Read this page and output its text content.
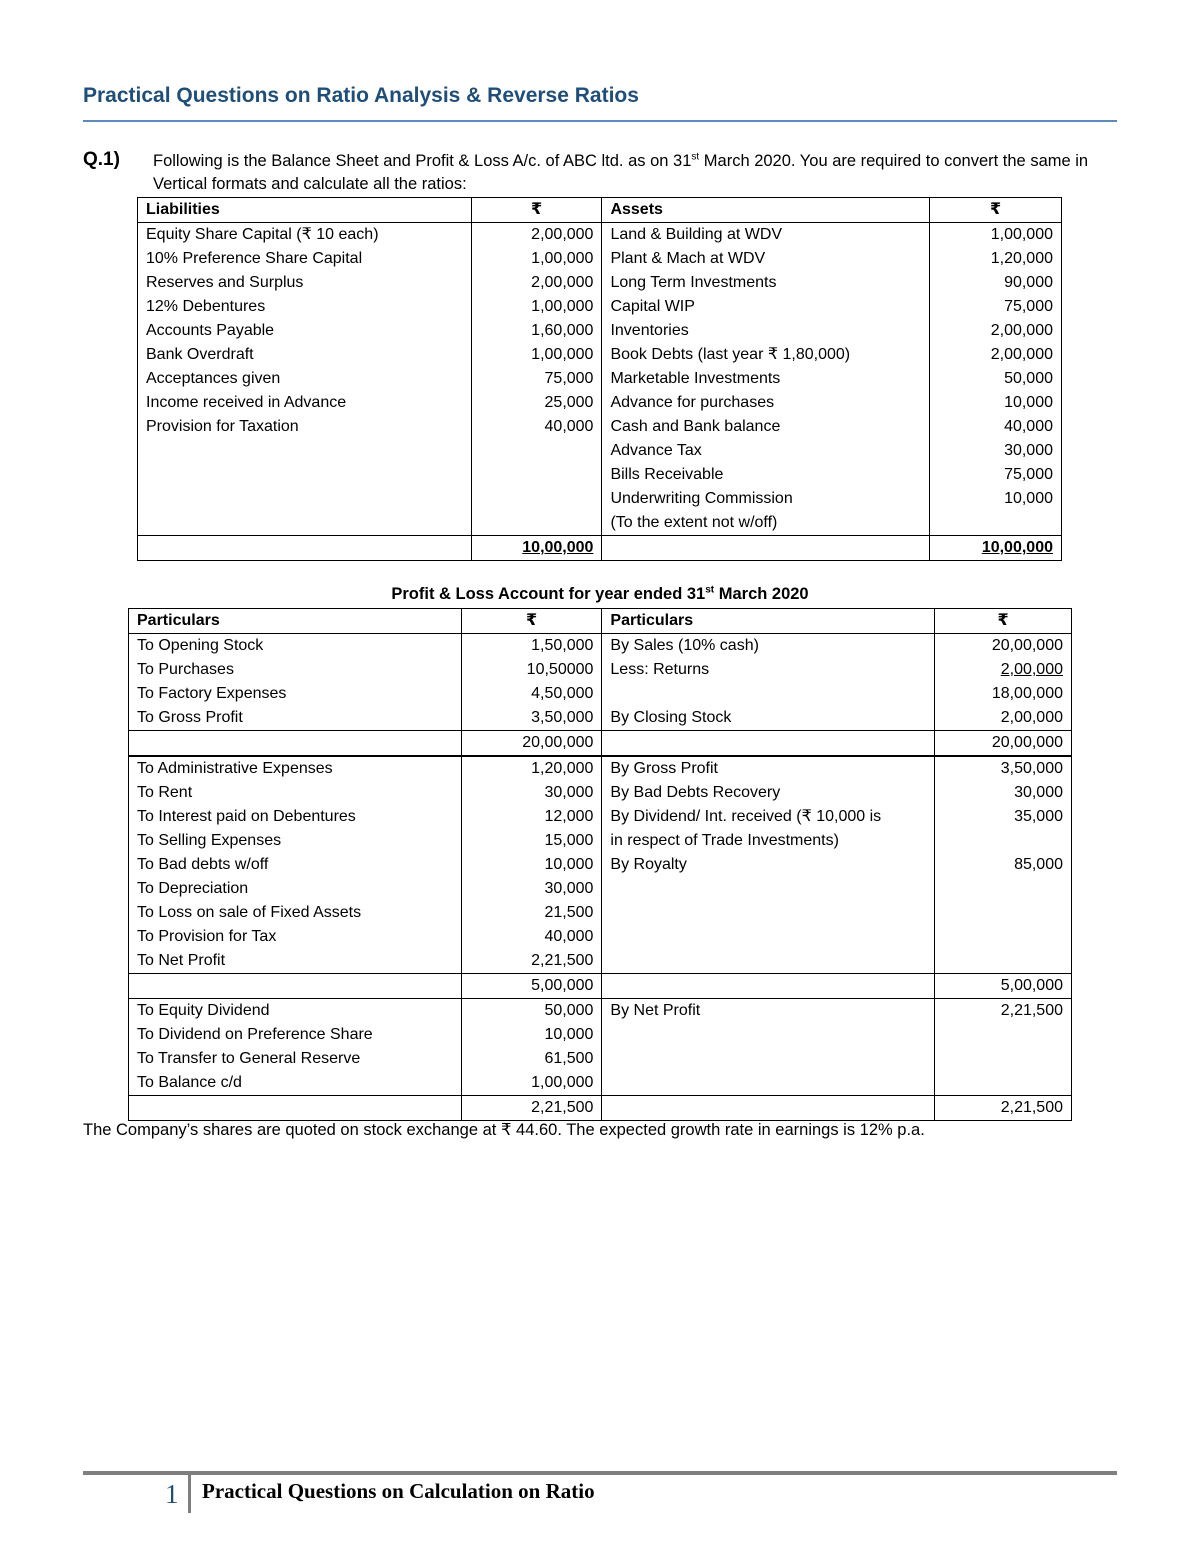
Practical Questions on Ratio Analysis & Reverse Ratios
Q.1) Following is the Balance Sheet and Profit & Loss A/c. of ABC ltd. as on 31st March 2020. You are required to convert the same in Vertical formats and calculate all the ratios:
Liabilities	₹	Assets	₹
Equity Share Capital (₹ 10 each)	2,00,000	Land & Building at WDV	1,00,000
10% Preference Share Capital	1,00,000	Plant & Mach at WDV	1,20,000
Reserves and Surplus	2,00,000	Long Term Investments	90,000
12% Debentures	1,00,000	Capital WIP	75,000
Accounts Payable	1,60,000	Inventories	2,00,000
Bank Overdraft	1,00,000	Book Debts (last year ₹ 1,80,000)	2,00,000
Acceptances given	75,000	Marketable Investments	50,000
Income received in Advance	25,000	Advance for purchases	10,000
Provision for Taxation	40,000	Cash and Bank balance	40,000
		Advance Tax	30,000
		Bills Receivable	75,000
		Underwriting Commission	10,000
		(To the extent not w/off)	
	10,00,000		10,00,000
Profit & Loss Account for year ended 31st March 2020
Particulars	₹	Particulars	₹
To Opening Stock	1,50,000	By Sales (10% cash)	20,00,000
To Purchases	10,50000	Less: Returns	2,00,000
To Factory Expenses	4,50,000		18,00,000
To Gross Profit	3,50,000	By Closing Stock	2,00,000
	20,00,000		20,00,000
To Administrative Expenses	1,20,000	By Gross Profit	3,50,000
To Rent	30,000	By Bad Debts Recovery	30,000
To Interest paid on Debentures	12,000	By Dividend/ Int. received (₹ 10,000 is	35,000
To Selling Expenses	15,000	in respect of Trade Investments)	
To Bad debts w/off	10,000	By Royalty	85,000
To Depreciation	30,000		
To Loss on sale of Fixed Assets	21,500		
To Provision for Tax	40,000		
To Net Profit	2,21,500		
	5,00,000		5,00,000
To Equity Dividend	50,000	By Net Profit	2,21,500
To Dividend on Preference Share	10,000		
To Transfer to General Reserve	61,500		
To Balance c/d	1,00,000		
	2,21,500		2,21,500
The Company’s shares are quoted on stock exchange at ₹ 44.60. The expected growth rate in earnings is 12% p.a.
1 Practical Questions on Calculation on Ratio
